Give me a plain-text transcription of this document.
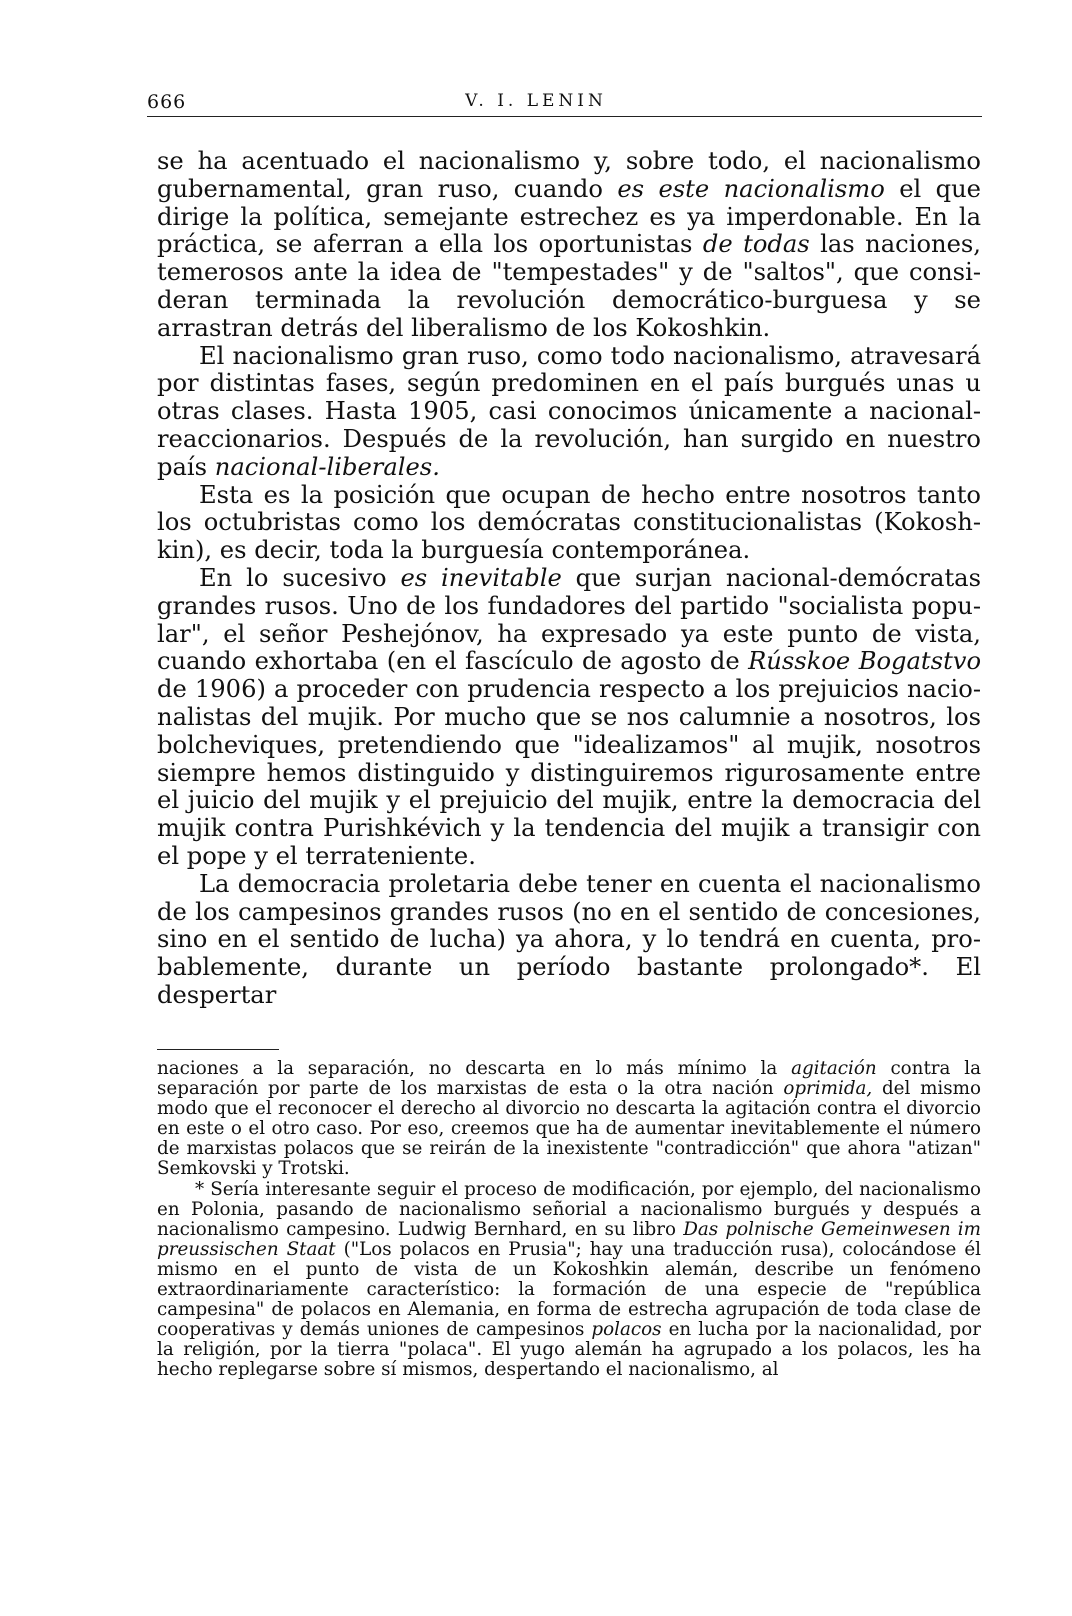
666	V. I. LENIN

se ha acentuado el nacionalismo y, sobre todo, el nacionalismo gubernamental, gran ruso, cuando es este nacionalismo el que dirige la política, semejante estrechez es ya imperdonable. En la práctica, se aferran a ella los oportunistas de todas las naciones, temerosos ante la idea de "tempestades" y de "saltos", que consideran terminada la revolución democrático-burguesa y se arrastran detrás del liberalismo de los Kokoshkin.

El nacionalismo gran ruso, como todo nacionalismo, atravesará por distintas fases, según predominen en el país burgués unas u otras clases. Hasta 1905, casi conocimos únicamente a nacionalreaccionarios. Después de la revolución, han surgido en nuestro país nacional-liberales.

Esta es la posición que ocupan de hecho entre nosotros tanto los octubristas como los demócratas constitucionalistas (Kokoshkin), es decir, toda la burguesía contemporánea.

En lo sucesivo es inevitable que surjan nacional-demócratas grandes rusos. Uno de los fundadores del partido "socialista popular", el señor Peshejónov, ha expresado ya este punto de vista, cuando exhortaba (en el fascículo de agosto de Rússkoe Bogatstvo de 1906) a proceder con prudencia respecto a los prejuicios nacionalistas del mujik. Por mucho que se nos calumnie a nosotros, los bolcheviques, pretendiendo que "idealizamos" al mujik, nosotros siempre hemos distinguido y distinguiremos rigurosamente entre el juicio del mujik y el prejuicio del mujik, entre la democracia del mujik contra Purishkévich y la tendencia del mujik a transigir con el pope y el terrateniente.

La democracia proletaria debe tener en cuenta el nacionalismo de los campesinos grandes rusos (no en el sentido de concesiones, sino en el sentido de lucha) ya ahora, y lo tendrá en cuenta, probablemente, durante un período bastante prolongado*. El despertar

naciones a la separación, no descarta en lo más mínimo la agitación contra la separación por parte de los marxistas de esta o la otra nación oprimida, del mismo modo que el reconocer el derecho al divorcio no descarta la agitación contra el divorcio en este o el otro caso. Por eso, creemos que ha de aumentar inevitablemente el número de marxistas polacos que se reirán de la inexistente "contradicción" que ahora "atizan" Semkovski y Trotski.

* Sería interesante seguir el proceso de modificación, por ejemplo, del nacionalismo en Polonia, pasando de nacionalismo señorial a nacionalismo burgués y después a nacionalismo campesino. Ludwig Bernhard, en su libro Das polnische Gemeinwesen im preussischen Staat ("Los polacos en Prusia"; hay una traducción rusa), colocándose él mismo en el punto de vista de un Kokoshkin alemán, describe un fenómeno extraordinariamente característico: la formación de una especie de "república campesina" de polacos en Alemania, en forma de estrecha agrupación de toda clase de cooperativas y demás uniones de campesinos polacos en lucha por la nacionalidad, por la religión, por la tierra "polaca". El yugo alemán ha agrupado a los polacos, les ha hecho replegarse sobre sí mismos, despertando el nacionalismo, al
